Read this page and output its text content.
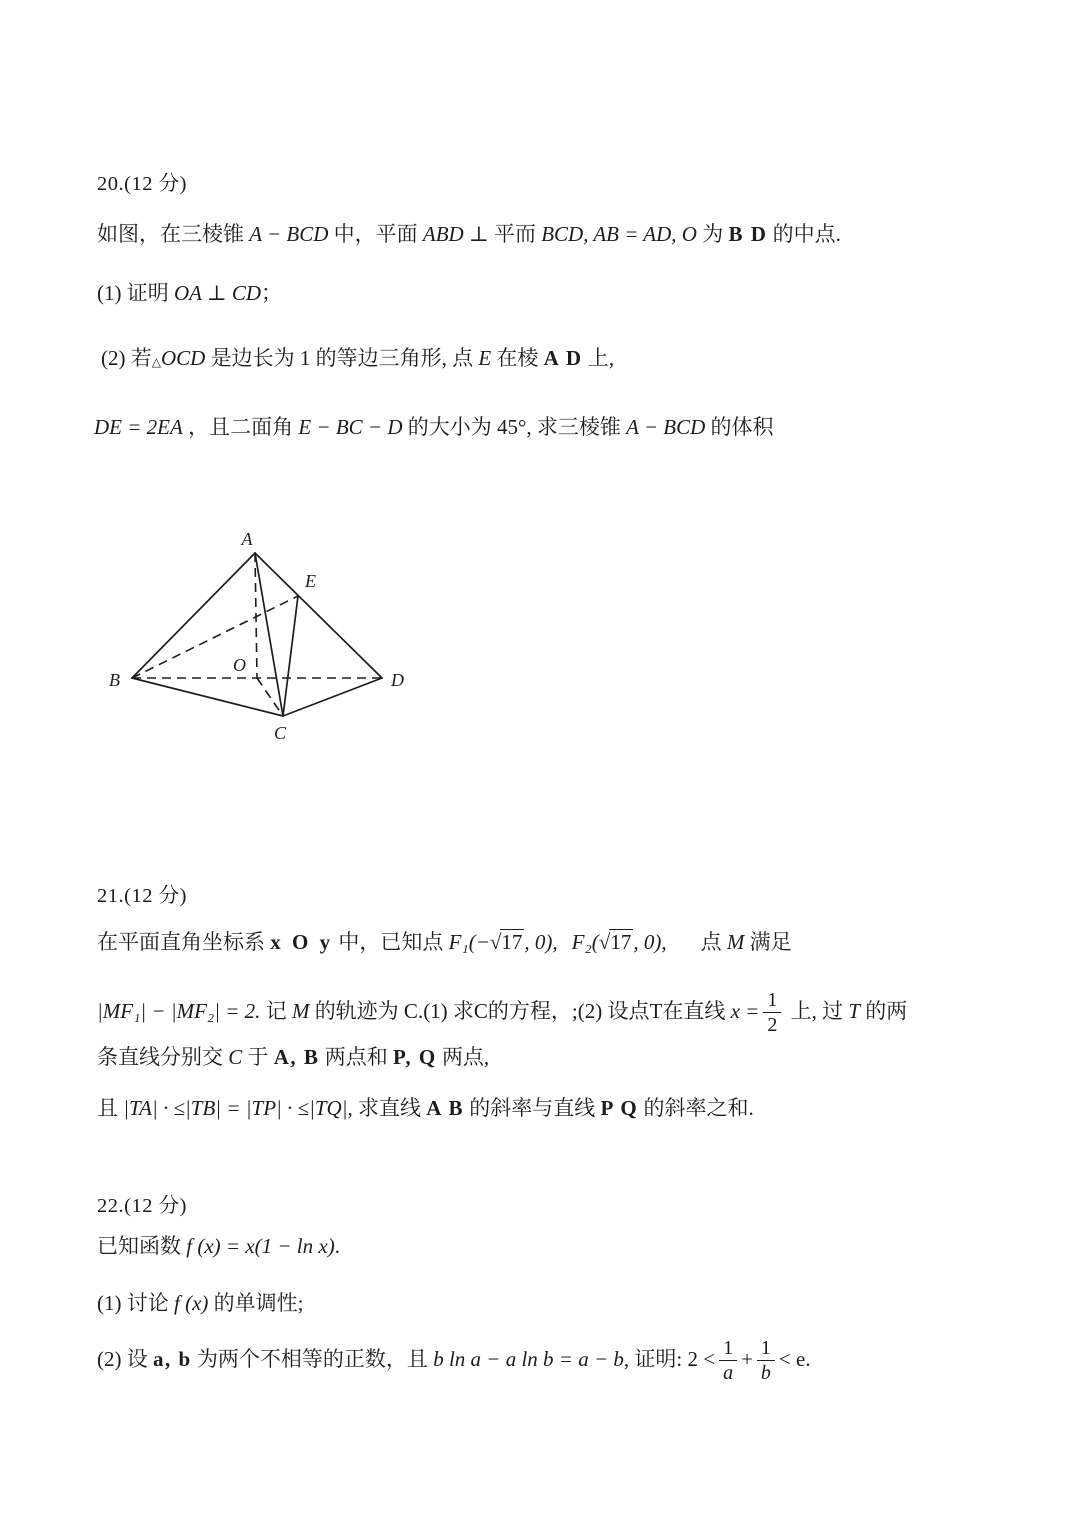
20.(12 分)
如图，在三棱锥 A − BCD 中，平面 ABD ⊥ 平而 BCD, AB = AD, O 为 B D 的中点.
(1) 证明 OA ⊥ CD；
(2) 若△OCD 是边长为 1 的等边三角形, 点 E 在棱 A D 上,
DE = 2EA ，且二面角 E − BC − D 的大小为 45°, 求三棱锥 A − BCD 的体积
A
B
C
D
E
O
21.(12 分)
在平面直角坐标系 x O y 中，已知点 F₁(−√17, 0), F₂(√17, 0), 点 M 满足
|MF₁| − |MF₂| = 2. 记 M 的轨迹为 C.(1) 求C的方程，;(2) 设点T在直线 $x = \frac{1}{2}$ 上, 过 T 的两
条直线分别交 C 于 A, B 两点和 P, Q 两点,
且 |TA| · ≤|TB| = |TP| · ≤|TQ|, 求直线 A B 的斜率与直线 P Q 的斜率之和.
22.(12 分)
已知函数 f (x) = x(1 − ln x).
(1) 讨论 f (x) 的单调性;
(2) 设 a, b 为两个不相等的正数，且 b ln a − a ln b = a − b, 证明: $2 < \frac{1}{a} + \frac{1}{b} < e$.
